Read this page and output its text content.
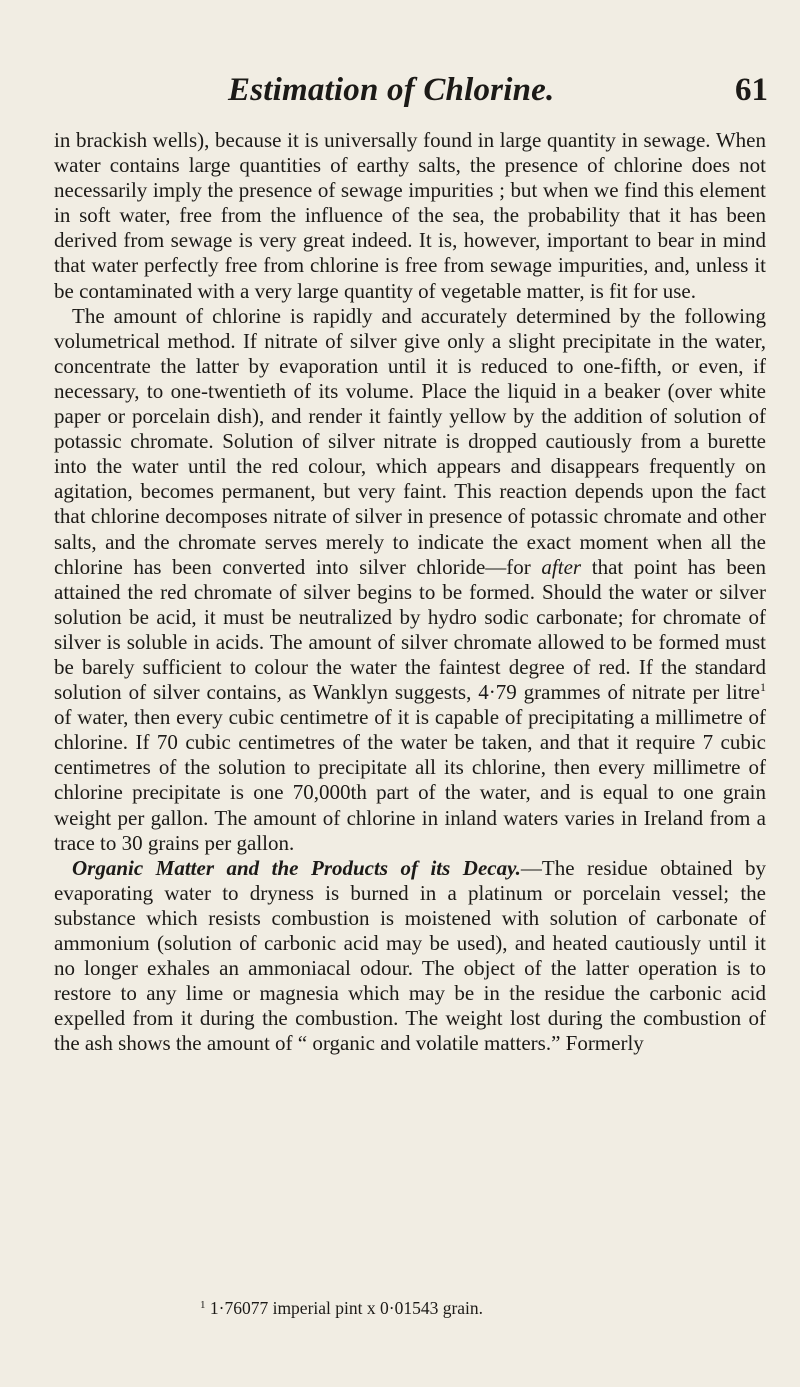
Estimation of Chlorine.	61

in brackish wells), because it is universally found in large quantity in sewage. When water contains large quantities of earthy salts, the presence of chlorine does not necessarily imply the presence of sewage impurities ; but when we find this element in soft water, free from the influence of the sea, the probability that it has been derived from sewage is very great indeed. It is, however, important to bear in mind that water perfectly free from chlorine is free from sewage impurities, and, unless it be contaminated with a very large quantity of vegetable matter, is fit for use.

The amount of chlorine is rapidly and accurately determined by the following volumetrical method. If nitrate of silver give only a slight precipitate in the water, concentrate the latter by evaporation until it is reduced to one-fifth, or even, if necessary, to one-twentieth of its volume. Place the liquid in a beaker (over white paper or porcelain dish), and render it faintly yellow by the addition of solution of potassic chromate. Solution of silver nitrate is dropped cautiously from a burette into the water until the red colour, which appears and disappears frequently on agitation, becomes permanent, but very faint. This reaction depends upon the fact that chlorine decomposes nitrate of silver in presence of potassic chromate and other salts, and the chromate serves merely to indicate the exact moment when all the chlorine has been converted into silver chloride—for after that point has been attained the red chromate of silver begins to be formed. Should the water or silver solution be acid, it must be neutralized by hydro sodic carbonate; for chromate of silver is soluble in acids. The amount of silver chromate allowed to be formed must be barely sufficient to colour the water the faintest degree of red. If the standard solution of silver contains, as Wanklyn suggests, 4·79 grammes of nitrate per litre$^1$ of water, then every cubic centimetre of it is capable of precipitating a millimetre of chlorine. If 70 cubic centimetres of the water be taken, and that it require 7 cubic centimetres of the solution to precipitate all its chlorine, then every millimetre of chlorine precipitate is one 70,000th part of the water, and is equal to one grain weight per gallon. The amount of chlorine in inland waters varies in Ireland from a trace to 30 grains per gallon.

Organic Matter and the Products of its Decay.—The residue obtained by evaporating water to dryness is burned in a platinum or porcelain vessel; the substance which resists combustion is moistened with solution of carbonate of ammonium (solution of carbonic acid may be used), and heated cautiously until it no longer exhales an ammoniacal odour. The object of the latter operation is to restore to any lime or magnesia which may be in the residue the carbonic acid expelled from it during the combustion. The weight lost during the combustion of the ash shows the amount of “ organic and volatile matters.” Formerly

$^1$ 1·76077 imperial pint x 0·01543 grain.
